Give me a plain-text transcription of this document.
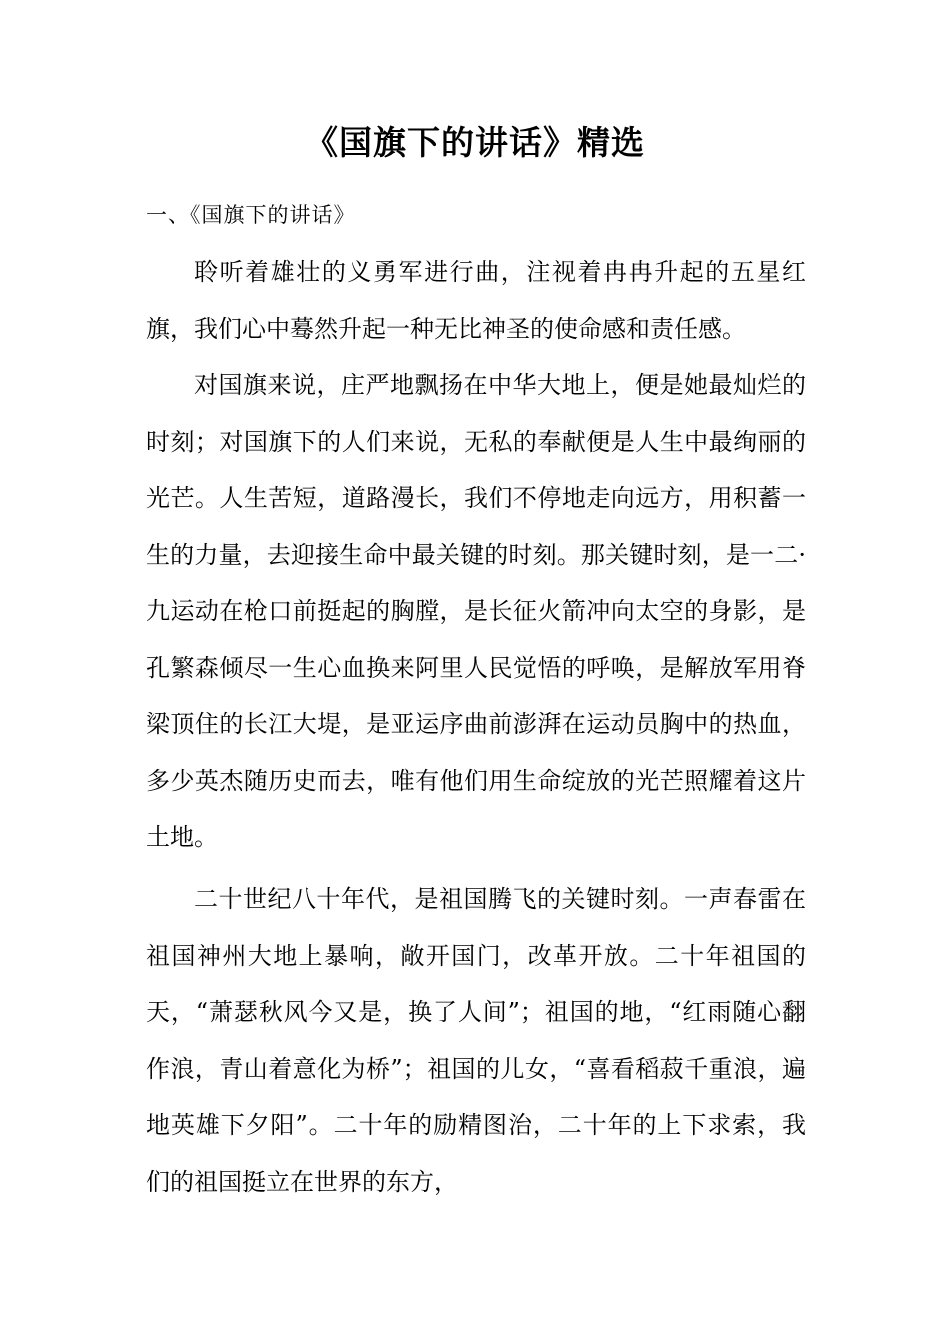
《国旗下的讲话》精选
一、《国旗下的讲话》

聆听着雄壮的义勇军进行曲，注视着冉冉升起的五星红旗，我们心中蓦然升起一种无比神圣的使命感和责任感。

对国旗来说，庄严地飘扬在中华大地上，便是她最灿烂的时刻；对国旗下的人们来说，无私的奉献便是人生中最绚丽的光芒。人生苦短，道路漫长，我们不停地走向远方，用积蓄一生的力量，去迎接生命中最关键的时刻。那关键时刻，是一二·九运动在枪口前挺起的胸膛，是长征火箭冲向太空的身影，是孔繁森倾尽一生心血换来阿里人民觉悟的呼唤，是解放军用脊梁顶住的长江大堤，是亚运序曲前澎湃在运动员胸中的热血，多少英杰随历史而去，唯有他们用生命绽放的光芒照耀着这片土地。

二十世纪八十年代，是祖国腾飞的关键时刻。一声春雷在祖国神州大地上暴响，敞开国门，改革开放。二十年祖国的天，“萧瑟秋风今又是，换了人间”；祖国的地，“红雨随心翻作浪，青山着意化为桥”；祖国的儿女，“喜看稻菽千重浪，遍地英雄下夕阳”。二十年的励精图治，二十年的上下求索，我们的祖国挺立在世界的东方，
